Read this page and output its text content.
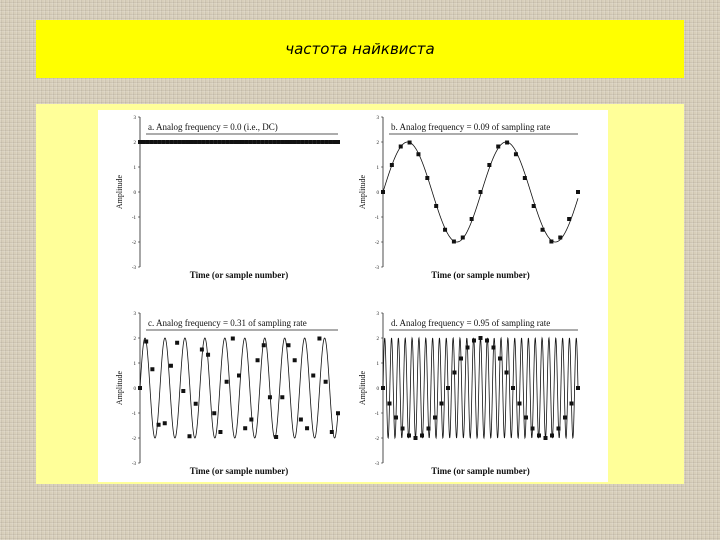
частота найквиста
3
2
1
0
-1
-2
-3
a. Analog frequency = 0.0 (i.e., DC)
Amplitude
Time (or sample number)
3
2
1
0
-1
-2
-3
b. Analog frequency = 0.09 of sampling rate
Amplitude
Time (or sample number)
3
2
1
0
-1
-2
-3
c. Analog frequency = 0.31 of sampling rate
Amplitude
Time (or sample number)
3
2
1
0
-1
-2
-3
d. Analog frequency = 0.95 of sampling rate
Amplitude
Time (or sample number)
